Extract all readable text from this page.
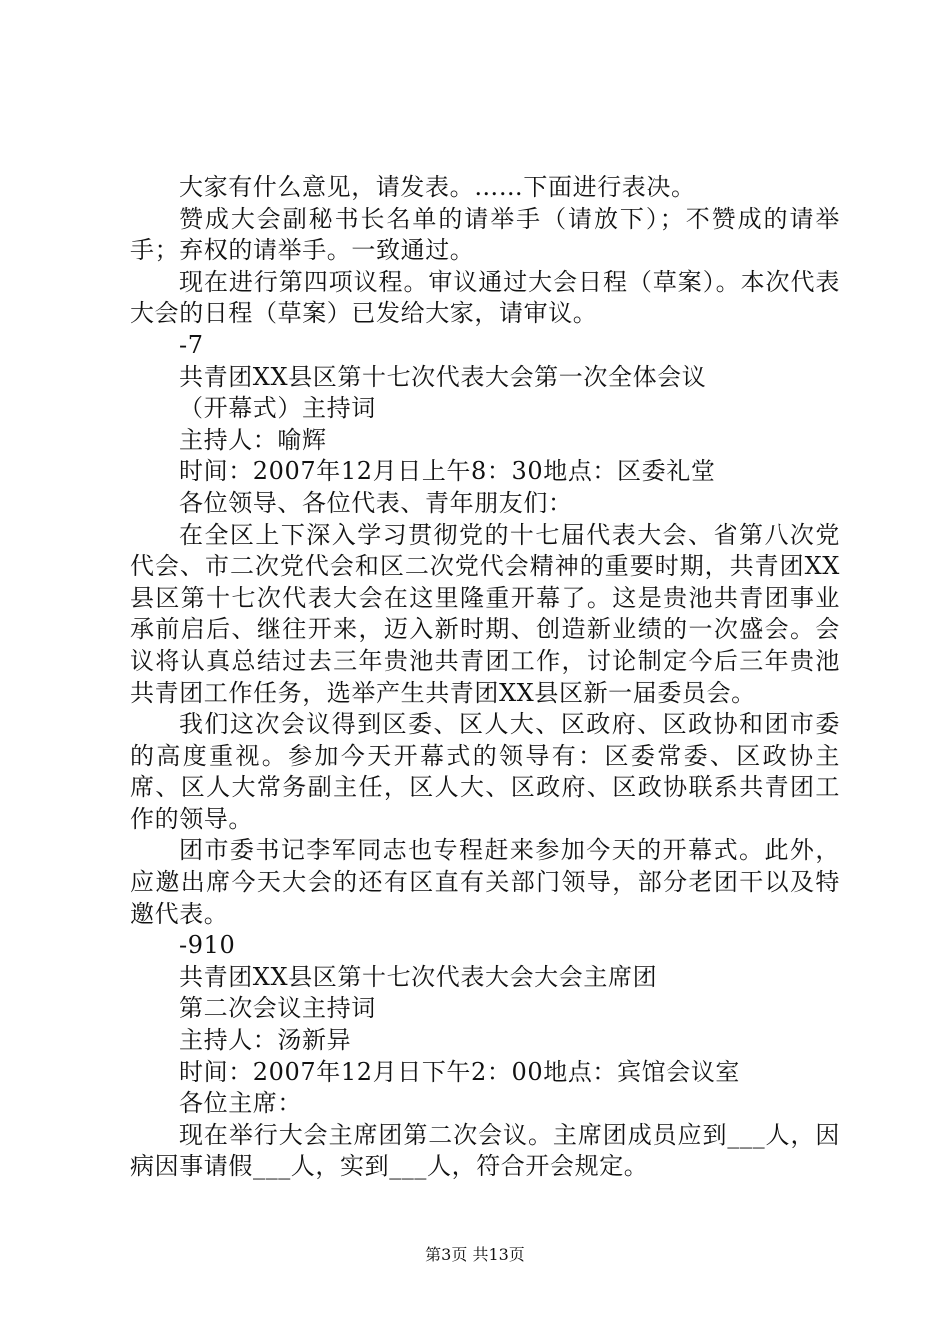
大家有什么意见，请发表。……下面进行表决。

赞成大会副秘书长名单的请举手（请放下）；不赞成的请举手；弃权的请举手。一致通过。

现在进行第四项议程。审议通过大会日程（草案）。本次代表大会的日程（草案）已发给大家，请审议。

-7

共青团XX县区第十七次代表大会第一次全体会议

（开幕式）主持词

主持人：喻辉

时间：2007年12月日上午8：30地点：区委礼堂

各位领导、各位代表、青年朋友们：

在全区上下深入学习贯彻党的十七届代表大会、省第八次党代会、市二次党代会和区二次党代会精神的重要时期，共青团XX县区第十七次代表大会在这里隆重开幕了。这是贵池共青团事业承前启后、继往开来，迈入新时期、创造新业绩的一次盛会。会议将认真总结过去三年贵池共青团工作，讨论制定今后三年贵池共青团工作任务，选举产生共青团XX县区新一届委员会。

我们这次会议得到区委、区人大、区政府、区政协和团市委的高度重视。参加今天开幕式的领导有：区委常委、区政协主席、区人大常务副主任，区人大、区政府、区政协联系共青团工作的领导。

团市委书记李军同志也专程赶来参加今天的开幕式。此外，应邀出席今天大会的还有区直有关部门领导，部分老团干以及特邀代表。

-910

共青团XX县区第十七次代表大会大会主席团

第二次会议主持词

主持人：汤新异

时间：2007年12月日下午2：00地点：宾馆会议室

各位主席：

现在举行大会主席团第二次会议。主席团成员应到___人，因病因事请假___人，实到___人，符合开会规定。

第3页 共13页
